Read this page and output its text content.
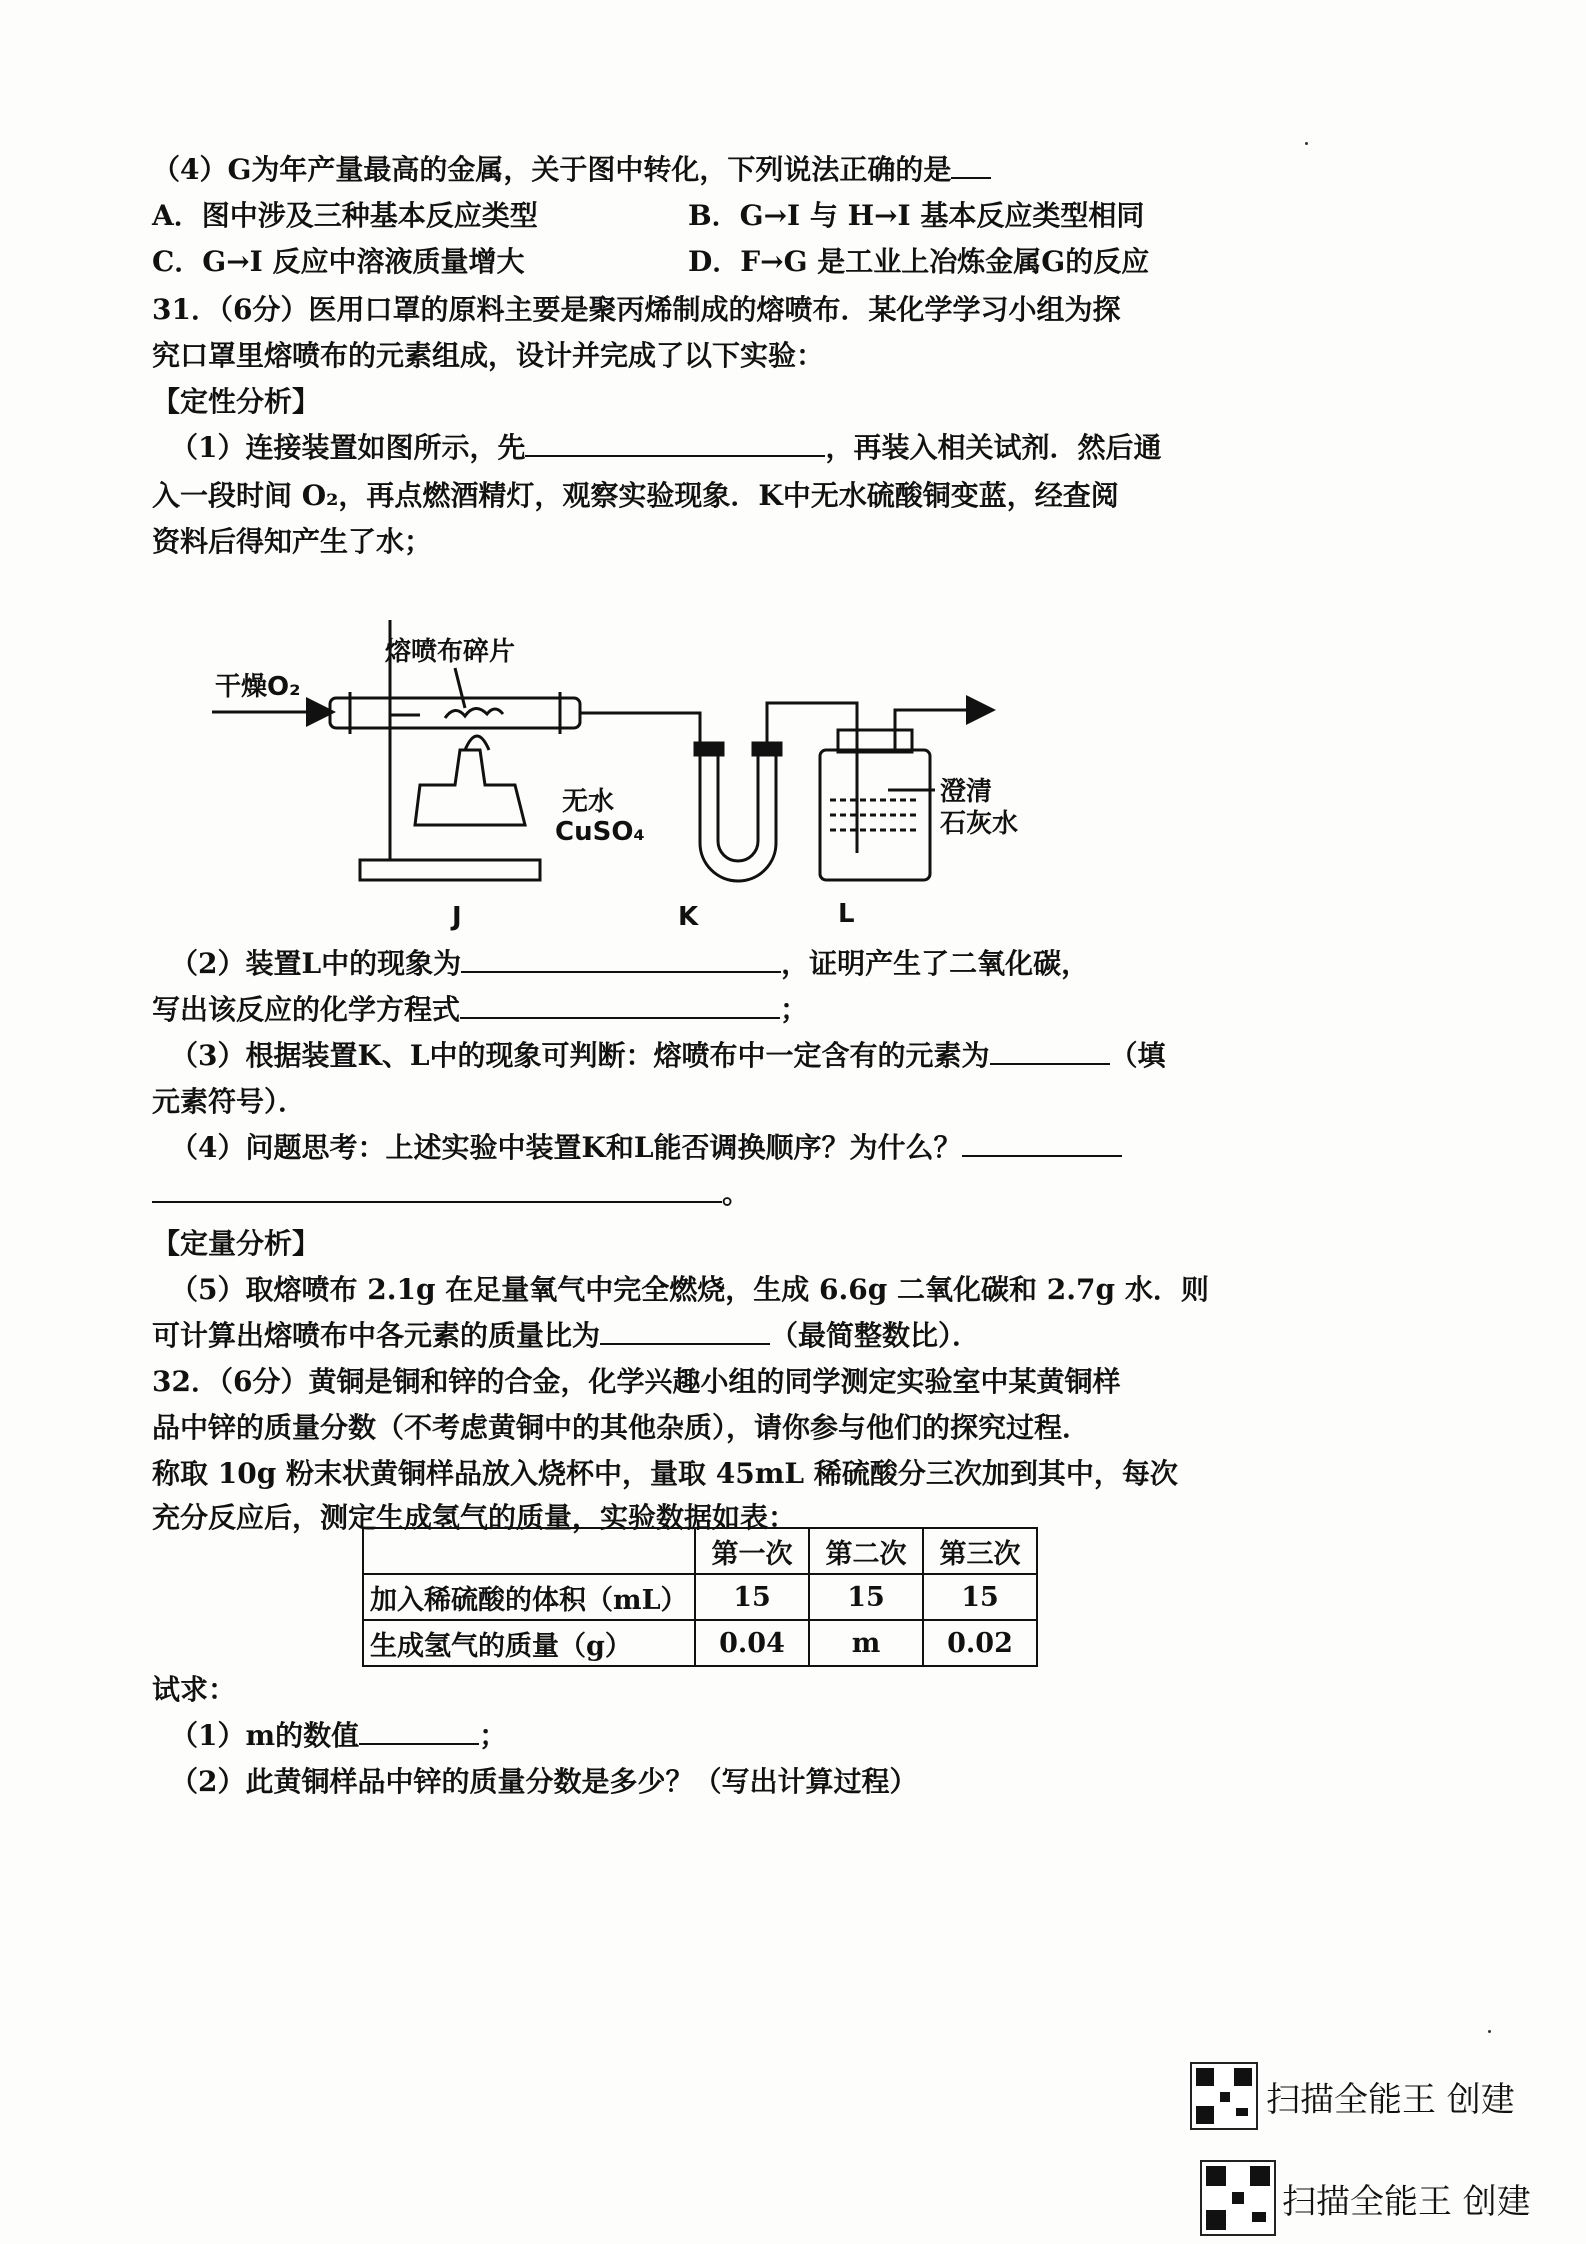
（4）G为年产量最高的金属，关于图中转化，下列说法正确的是
A．图中涉及三种基本反应类型	B．G→I 与 H→I 基本反应类型相同
C．G→I 反应中溶液质量增大	D．F→G 是工业上冶炼金属G的反应
31．（6分）医用口罩的原料主要是聚丙烯制成的熔喷布．某化学学习小组为探
究口罩里熔喷布的元素组成，设计并完成了以下实验：
【定性分析】
（1）连接装置如图所示，先	，再装入相关试剂．然后通
入一段时间 O₂，再点燃酒精灯，观察实验现象．K中无水硫酸铜变蓝，经查阅
资料后得知产生了水；
干燥O₂
熔喷布碎片
无水
CuSO₄
澄清
石灰水
J	K	L
（2）装置L中的现象为	，证明产生了二氧化碳，
写出该反应的化学方程式	；
（3）根据装置K、L中的现象可判断：熔喷布中一定含有的元素为	（填
元素符号）．
（4）问题思考：上述实验中装置K和L能否调换顺序？为什么？
。
【定量分析】
（5）取熔喷布 2.1g 在足量氧气中完全燃烧，生成 6.6g 二氧化碳和 2.7g 水．则
可计算出熔喷布中各元素的质量比为	（最简整数比）．
32．（6分）黄铜是铜和锌的合金，化学兴趣小组的同学测定实验室中某黄铜样
品中锌的质量分数（不考虑黄铜中的其他杂质），请你参与他们的探究过程．
称取 10g 粉末状黄铜样品放入烧杯中，量取 45mL 稀硫酸分三次加到其中，每次
充分反应后，测定生成氢气的质量，实验数据如表：
	第一次	第二次	第三次
加入稀硫酸的体积（mL）	15	15	15
生成氢气的质量（g）	0.04	m	0.02
试求：
（1）m的数值	；
（2）此黄铜样品中锌的质量分数是多少？（写出计算过程）
扫描全能王 创建
扫描全能王 创建
